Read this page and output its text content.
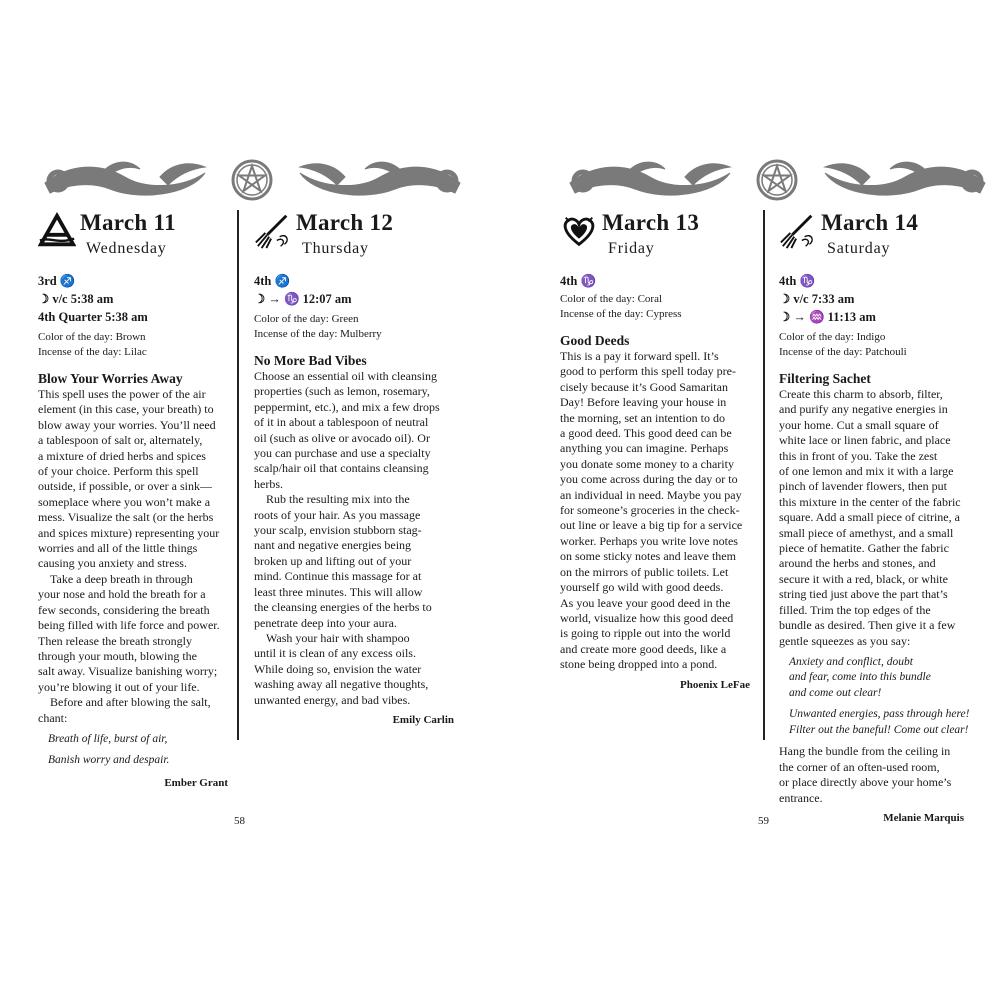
March 11
Wednesday
3rd ♐
☽ v/c 5:38 am
4th Quarter 5:38 am
Color of the day: Brown
Incense of the day: Lilac
Blow Your Worries Away
This spell uses the power of the air
element (in this case, your breath) to
blow away your worries. You’ll need
a tablespoon of salt or, alternately,
a mixture of dried herbs and spices
of your choice. Perform this spell
outside, if possible, or over a sink—
someplace where you won’t make a
mess. Visualize the salt (or the herbs
and spices mixture) representing your
worries and all of the little things
causing you anxiety and stress.
Take a deep breath in through
your nose and hold the breath for a
few seconds, considering the breath
being filled with life force and power.
Then release the breath strongly
through your mouth, blowing the
salt away. Visualize banishing worry;
you’re blowing it out of your life.
Before and after blowing the salt,
chant:
Breath of life, burst of air,
Banish worry and despair.
Ember Grant
March 12
Thursday
4th ♐
☽ → ♑ 12:07 am
Color of the day: Green
Incense of the day: Mulberry
No More Bad Vibes
Choose an essential oil with cleansing
properties (such as lemon, rosemary,
peppermint, etc.), and mix a few drops
of it in about a tablespoon of neutral
oil (such as olive or avocado oil). Or
you can purchase and use a specialty
scalp/hair oil that contains cleansing
herbs.
Rub the resulting mix into the
roots of your hair. As you massage
your scalp, envision stubborn stag-
nant and negative energies being
broken up and lifting out of your
mind. Continue this massage for at
least three minutes. This will allow
the cleansing energies of the herbs to
penetrate deep into your aura.
Wash your hair with shampoo
until it is clean of any excess oils.
While doing so, envision the water
washing away all negative thoughts,
unwanted energy, and bad vibes.
Emily Carlin
58
March 13
Friday
4th ♑
Color of the day: Coral
Incense of the day: Cypress
Good Deeds
This is a pay it forward spell. It’s
good to perform this spell today pre-
cisely because it’s Good Samaritan
Day! Before leaving your house in
the morning, set an intention to do
a good deed. This good deed can be
anything you can imagine. Perhaps
you donate some money to a charity
you come across during the day or to
an individual in need. Maybe you pay
for someone’s groceries in the check-
out line or leave a big tip for a service
worker. Perhaps you write love notes
on some sticky notes and leave them
on the mirrors of public toilets. Let
yourself go wild with good deeds.
As you leave your good deed in the
world, visualize how this good deed
is going to ripple out into the world
and create more good deeds, like a
stone being dropped into a pond.
Phoenix LeFae
March 14
Saturday
4th ♑
☽ v/c 7:33 am
☽ → ♒ 11:13 am
Color of the day: Indigo
Incense of the day: Patchouli
Filtering Sachet
Create this charm to absorb, filter,
and purify any negative energies in
your home. Cut a small square of
white lace or linen fabric, and place
this in front of you. Take the zest
of one lemon and mix it with a large
pinch of lavender flowers, then put
this mixture in the center of the fabric
square. Add a small piece of citrine, a
small piece of amethyst, and a small
piece of hematite. Gather the fabric
around the herbs and stones, and
secure it with a red, black, or white
string tied just above the part that’s
filled. Trim the top edges of the
bundle as desired. Then give it a few
gentle squeezes as you say:
Anxiety and conflict, doubt
and fear, come into this bundle
and come out clear!
Unwanted energies, pass through here!
Filter out the baneful! Come out clear!
Hang the bundle from the ceiling in
the corner of an often-used room,
or place directly above your home’s
entrance.
Melanie Marquis
59
